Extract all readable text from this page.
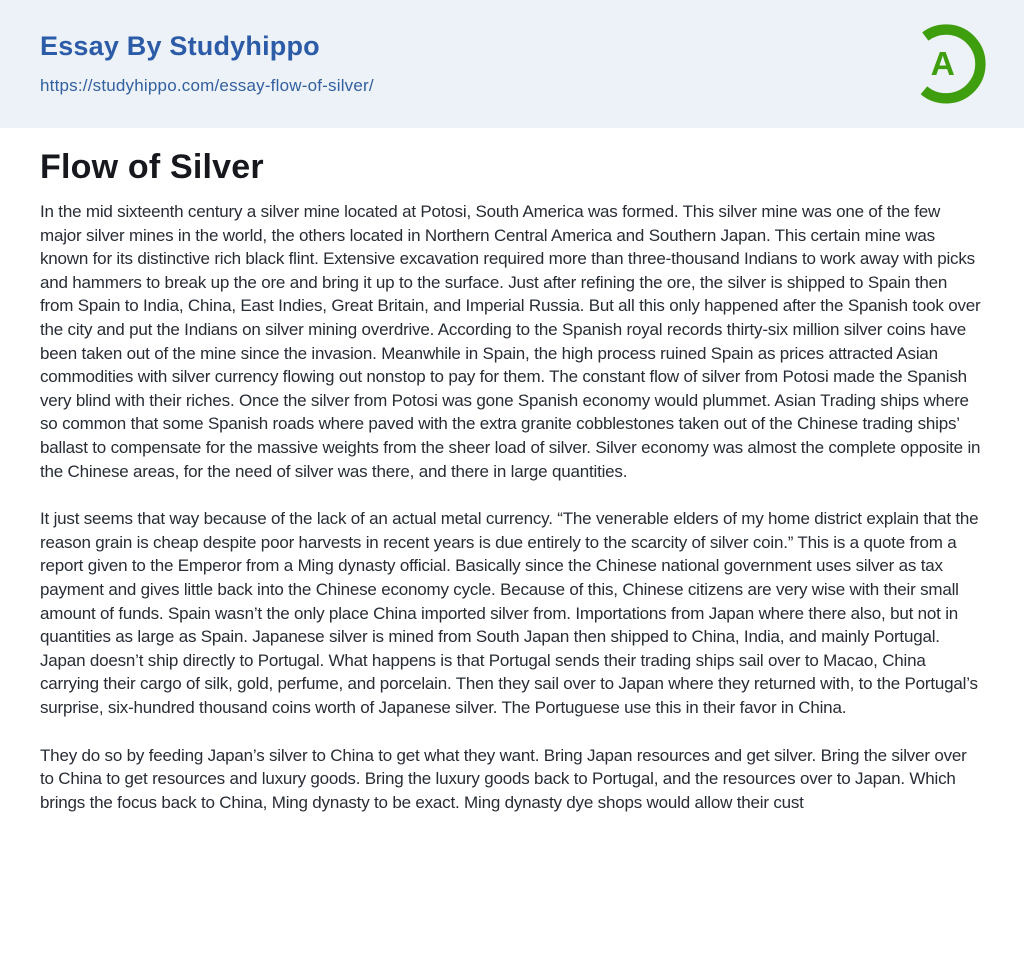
Essay By Studyhippo
https://studyhippo.com/essay-flow-of-silver/
A
Flow of Silver

In the mid sixteenth century a silver mine located at Potosi, South America was formed. This silver mine was one of the few major silver mines in the world, the others located in Northern Central America and Southern Japan. This certain mine was known for its distinctive rich black flint. Extensive excavation required more than three-thousand Indians to work away with picks and hammers to break up the ore and bring it up to the surface. Just after refining the ore, the silver is shipped to Spain then from Spain to India, China, East Indies, Great Britain, and Imperial Russia. But all this only happened after the Spanish took over the city and put the Indians on silver mining overdrive. According to the Spanish royal records thirty-six million silver coins have been taken out of the mine since the invasion. Meanwhile in Spain, the high process ruined Spain as prices attracted Asian commodities with silver currency flowing out nonstop to pay for them. The constant flow of silver from Potosi made the Spanish very blind with their riches. Once the silver from Potosi was gone Spanish economy would plummet. Asian Trading ships where so common that some Spanish roads where paved with the extra granite cobblestones taken out of the Chinese trading ships’ ballast to compensate for the massive weights from the sheer load of silver. Silver economy was almost the complete opposite in the Chinese areas, for the need of silver was there, and there in large quantities.

It just seems that way because of the lack of an actual metal currency. “The venerable elders of my home district explain that the reason grain is cheap despite poor harvests in recent years is due entirely to the scarcity of silver coin.” This is a quote from a report given to the Emperor from a Ming dynasty official. Basically since the Chinese national government uses silver as tax payment and gives little back into the Chinese economy cycle. Because of this, Chinese citizens are very wise with their small amount of funds. Spain wasn’t the only place China imported silver from. Importations from Japan where there also, but not in quantities as large as Spain. Japanese silver is mined from South Japan then shipped to China, India, and mainly Portugal. Japan doesn’t ship directly to Portugal. What happens is that Portugal sends their trading ships sail over to Macao, China carrying their cargo of silk, gold, perfume, and porcelain. Then they sail over to Japan where they returned with, to the Portugal’s surprise, six-hundred thousand coins worth of Japanese silver. The Portuguese use this in their favor in China.

They do so by feeding Japan’s silver to China to get what they want. Bring Japan resources and get silver. Bring the silver over to China to get resources and luxury goods. Bring the luxury goods back to Portugal, and the resources over to Japan. Which brings the focus back to China, Ming dynasty to be exact. Ming dynasty dye shops would allow their cust
